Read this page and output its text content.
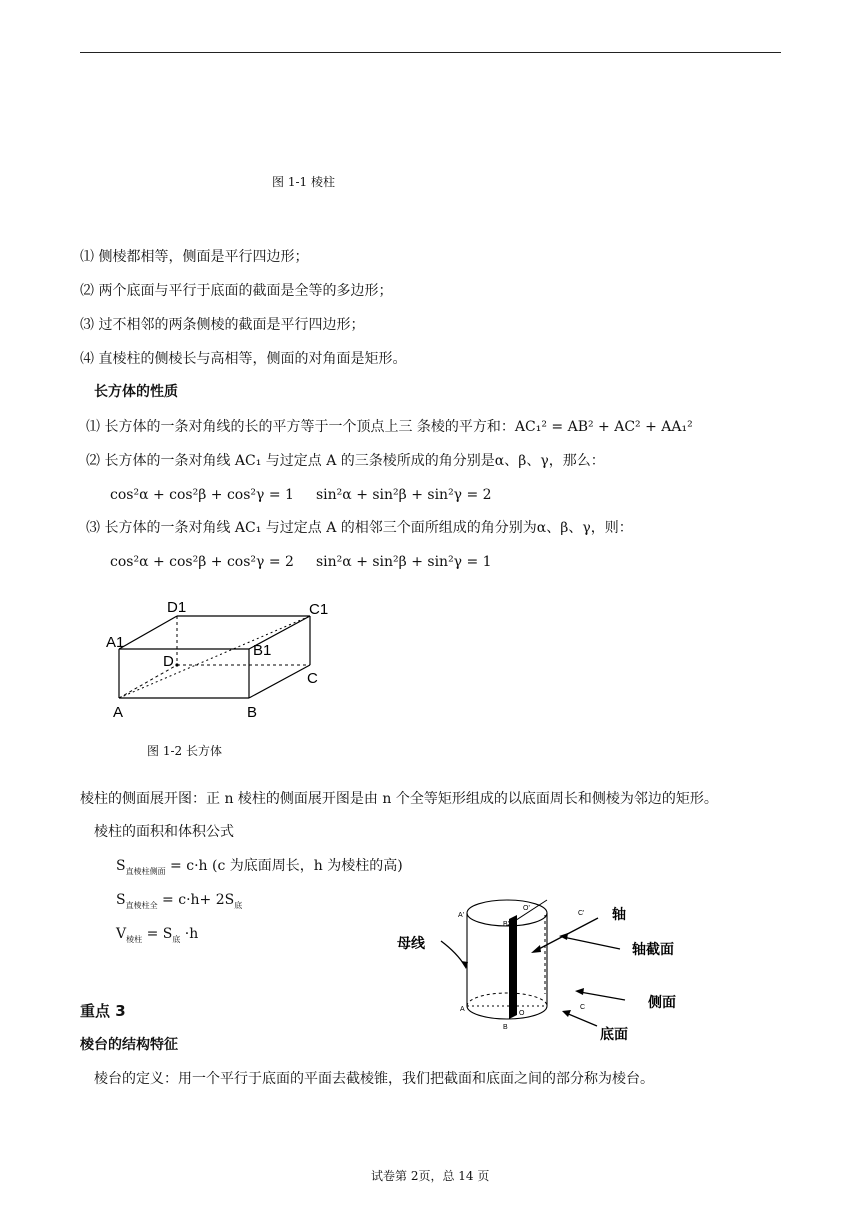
图 1-1 棱柱
⑴ 侧棱都相等，侧面是平行四边形；
⑵ 两个底面与平行于底面的截面是全等的多边形；
⑶ 过不相邻的两条侧棱的截面是平行四边形；
⑷ 直棱柱的侧棱长与高相等，侧面的对角面是矩形。
长方体的性质
⑴ 长方体的一条对角线的长的平方等于一个顶点上三 条棱的平方和：AC₁² = AB² + AC² + AA₁²
⑵ 长方体的一条对角线 AC₁ 与过定点 A 的三条棱所成的角分别是α、β、γ，那么：
cos²α + cos²β + cos²γ = 1 sin²α + sin²β + sin²γ = 2
⑶ 长方体的一条对角线 AC₁ 与过定点 A 的相邻三个面所组成的角分别为α、β、γ，则：
cos²α + cos²β + cos²γ = 2 sin²α + sin²β + sin²γ = 1
D1	C1
A1	B1
D
C
A	B
图 1-2 长方体
棱柱的侧面展开图：正 n 棱柱的侧面展开图是由 n 个全等矩形组成的以底面周长和侧棱为邻边的矩形。
棱柱的面积和体积公式
$S_{直棱柱侧面} = c\cdot h$ (c 为底面周长，h 为棱柱的高)
$S_{直棱柱全} = c\cdot h+ 2S_底$
$V_{棱柱} = S_底 \cdot h$
A'
B'
O'
C'
A
B
O
C
轴
母线	轴截面
侧面
底面
重点 3
棱台的结构特征
棱台的定义：用一个平行于底面的平面去截棱锥，我们把截面和底面之间的部分称为棱台。
试卷第 2页，总 14 页
